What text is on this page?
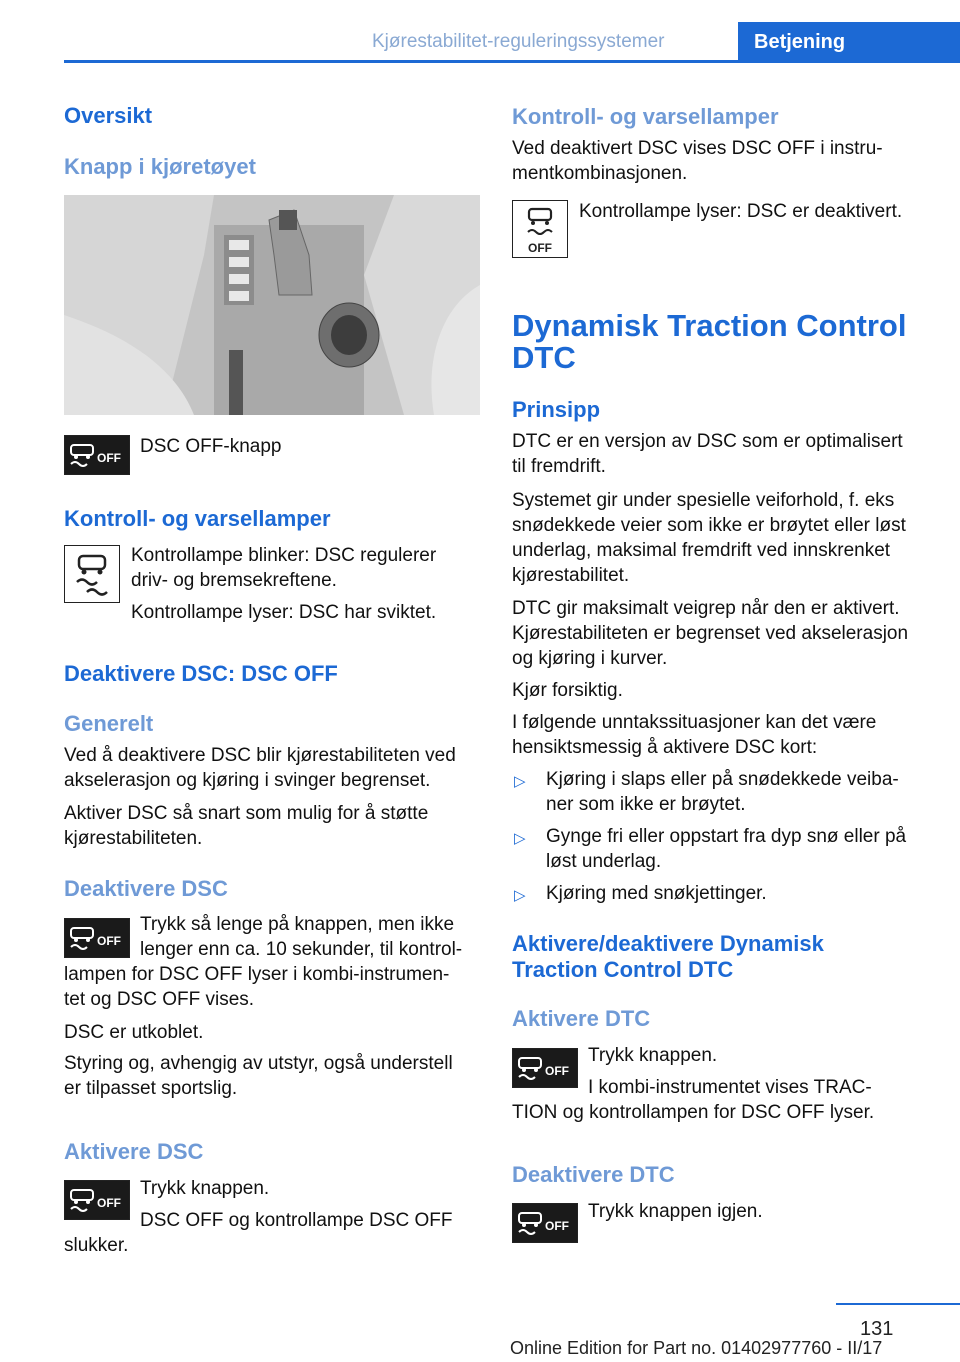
Kjørestabilitet-reguleringssystemer	Betjening
Oversikt
Knapp i kjøretøyet
OFF
DSC OFF-knapp
Kontroll- og varsellamper
Kontrollampe blinker: DSC regulerer
driv- og bremsekreftene.
Kontrollampe lyser: DSC har sviktet.
Deaktivere DSC: DSC OFF
Generelt
Ved å deaktivere DSC blir kjørestabiliteten ved
akselerasjon og kjøring i svinger begrenset.
Aktiver DSC så snart som mulig for å støtte
kjørestabiliteten.
Deaktivere DSC
OFF
Trykk så lenge på knappen, men ikke
lenger enn ca. 10 sekunder, til kontrol-
lampen for DSC OFF lyser i kombi-instrumen-
tet og DSC OFF vises.
DSC er utkoblet.
Styring og, avhengig av utstyr, også understell
er tilpasset sportslig.
Aktivere DSC
OFF
Trykk knappen.
DSC OFF og kontrollampe DSC OFF
slukker.
Kontroll- og varsellamper
Ved deaktivert DSC vises DSC OFF i instru-
mentkombinasjonen.
OFF
Kontrollampe lyser: DSC er deaktivert.
Dynamisk Traction Control
DTC
Prinsipp
DTC er en versjon av DSC som er optimalisert
til fremdrift.
Systemet gir under spesielle veiforhold, f. eks
snødekkede veier som ikke er brøytet eller løst
underlag, maksimal fremdrift ved innskrenket
kjørestabilitet.
DTC gir maksimalt veigrep når den er aktivert.
Kjørestabiliteten er begrenset ved akselerasjon
og kjøring i kurver.
Kjør forsiktig.
I følgende unntakssituasjoner kan det være
hensiktsmessig å aktivere DSC kort:
▷ Kjøring i slaps eller på snødekkede veiba-
ner som ikke er brøytet.
▷ Gynge fri eller oppstart fra dyp snø eller på
løst underlag.
▷ Kjøring med snøkjettinger.
Aktivere/deaktivere Dynamisk
Traction Control DTC
Aktivere DTC
OFF
Trykk knappen.
I kombi-instrumentet vises TRAC-
TION og kontrollampen for DSC OFF lyser.
Deaktivere DTC
OFF
Trykk knappen igjen.
131
Online Edition for Part no. 01402977760 - II/17
